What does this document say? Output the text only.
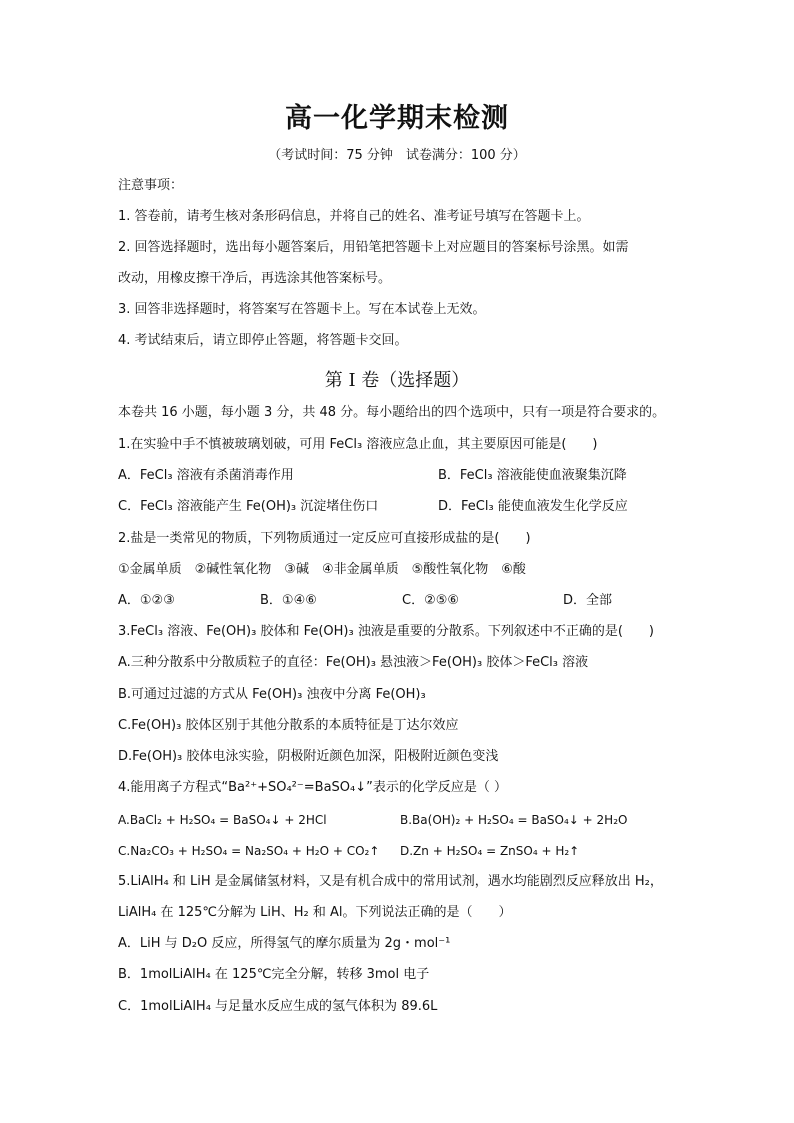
高一化学期末检测
（考试时间：75 分钟　试卷满分：100 分）
注意事项：
1. 答卷前，请考生核对条形码信息，并将自己的姓名、准考证号填写在答题卡上。
2. 回答选择题时，选出每小题答案后，用铅笔把答题卡上对应题目的答案标号涂黑。如需
改动，用橡皮擦干净后，再选涂其他答案标号。
3. 回答非选择题时，将答案写在答题卡上。写在本试卷上无效。
4. 考试结束后，请立即停止答题，将答题卡交回。
第 I 卷（选择题）
本卷共 16 小题，每小题 3 分，共 48 分。每小题给出的四个选项中，只有一项是符合要求的。
1.在实验中手不慎被玻璃划破，可用 FeCl₃ 溶液应急止血，其主要原因可能是(　　)
A．FeCl₃ 溶液有杀菌消毒作用	B．FeCl₃ 溶液能使血液聚集沉降
C．FeCl₃ 溶液能产生 Fe(OH)₃ 沉淀堵住伤口	D．FeCl₃ 能使血液发生化学反应
2.盐是一类常见的物质，下列物质通过一定反应可直接形成盐的是(　　)
①金属单质　②碱性氧化物　③碱　④非金属单质　⑤酸性氧化物　⑥酸
A．①②③	B．①④⑥	C．②⑤⑥	D．全部
3.FeCl₃ 溶液、Fe(OH)₃ 胶体和 Fe(OH)₃ 浊液是重要的分散系。下列叙述中不正确的是(　　)
A.三种分散系中分散质粒子的直径：Fe(OH)₃ 悬浊液＞Fe(OH)₃ 胶体＞FeCl₃ 溶液
B.可通过过滤的方式从 Fe(OH)₃ 浊夜中分离 Fe(OH)₃
C.Fe(OH)₃ 胶体区别于其他分散系的本质特征是丁达尔效应
D.Fe(OH)₃ 胶体电泳实验，阴极附近颜色加深，阳极附近颜色变浅
4.能用离子方程式“Ba²⁺+SO₄²⁻=BaSO₄↓”表示的化学反应是（ ）
A.BaCl₂ + H₂SO₄ = BaSO₄↓ + 2HCl	B.Ba(OH)₂ + H₂SO₄ = BaSO₄↓ + 2H₂O
C.Na₂CO₃ + H₂SO₄ = Na₂SO₄ + H₂O + CO₂↑ D.Zn + H₂SO₄ = ZnSO₄ + H₂↑
5.LiAlH₄ 和 LiH 是金属储氢材料，又是有机合成中的常用试剂，遇水均能剧烈反应释放出 H₂，
LiAlH₄ 在 125℃分解为 LiH、H₂ 和 Al。下列说法正确的是（　　）
A．LiH 与 D₂O 反应，所得氢气的摩尔质量为 2g・mol⁻¹
B．1molLiAlH₄ 在 125℃完全分解，转移 3mol 电子
C．1molLiAlH₄ 与足量水反应生成的氢气体积为 89.6L
